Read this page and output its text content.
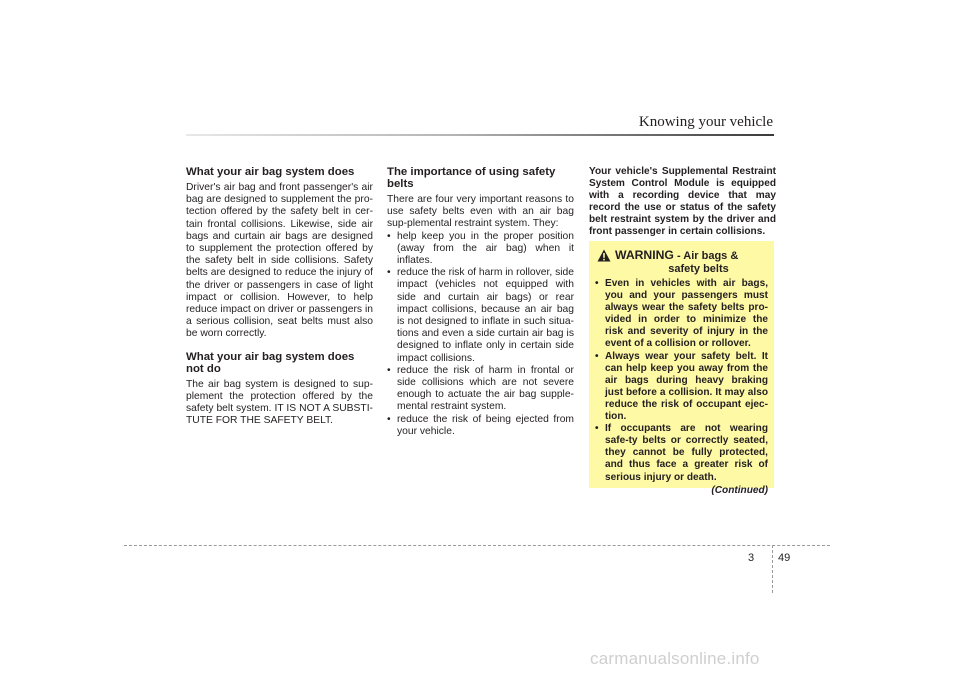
Knowing your vehicle
What your air bag system does

Driver's air bag and front passenger's air bag are designed to supplement the pro-tection offered by the safety belt in cer-tain frontal collisions. Likewise, side air bags and curtain air bags are designed to supplement the protection offered by the safety belt in side collisions. Safety belts are designed to reduce the injury of the driver or passengers in case of light impact or collision. However, to help reduce impact on driver or passengers in a serious collision, seat belts must also be worn correctly.

What your air bag system does not do

The air bag system is designed to sup-plement the protection offered by the safety belt system. IT IS NOT A SUBSTI-TUTE FOR THE SAFETY BELT.

The importance of using safety belts

There are four very important reasons to use safety belts even with an air bag sup-plemental restraint system. They:

• help keep you in the proper position (away from the air bag) when it inflates.
• reduce the risk of harm in rollover, side impact (vehicles not equipped with side and curtain air bags) or rear impact collisions, because an air bag is not designed to inflate in such situa-tions and even a side curtain air bag is designed to inflate only in certain side impact collisions.
• reduce the risk of harm in frontal or side collisions which are not severe enough to actuate the air bag supple-mental restraint system.
• reduce the risk of being ejected from your vehicle.

Your vehicle's Supplemental Restraint System Control Module is equipped with a recording device that may record the use or status of the safety belt restraint system by the driver and front passenger in certain collisions.

WARNING - Air bags &
safety belts
• Even in vehicles with air bags, you and your passengers must always wear the safety belts pro-vided in order to minimize the risk and severity of injury in the event of a collision or rollover.
• Always wear your safety belt. It can help keep you away from the air bags during heavy braking just before a collision. It may also reduce the risk of occupant ejec-tion.
• If occupants are not wearing safe-ty belts or correctly seated, they cannot be fully protected, and thus face a greater risk of serious injury or death.
(Continued)
3 49
carmanualsonline.info
